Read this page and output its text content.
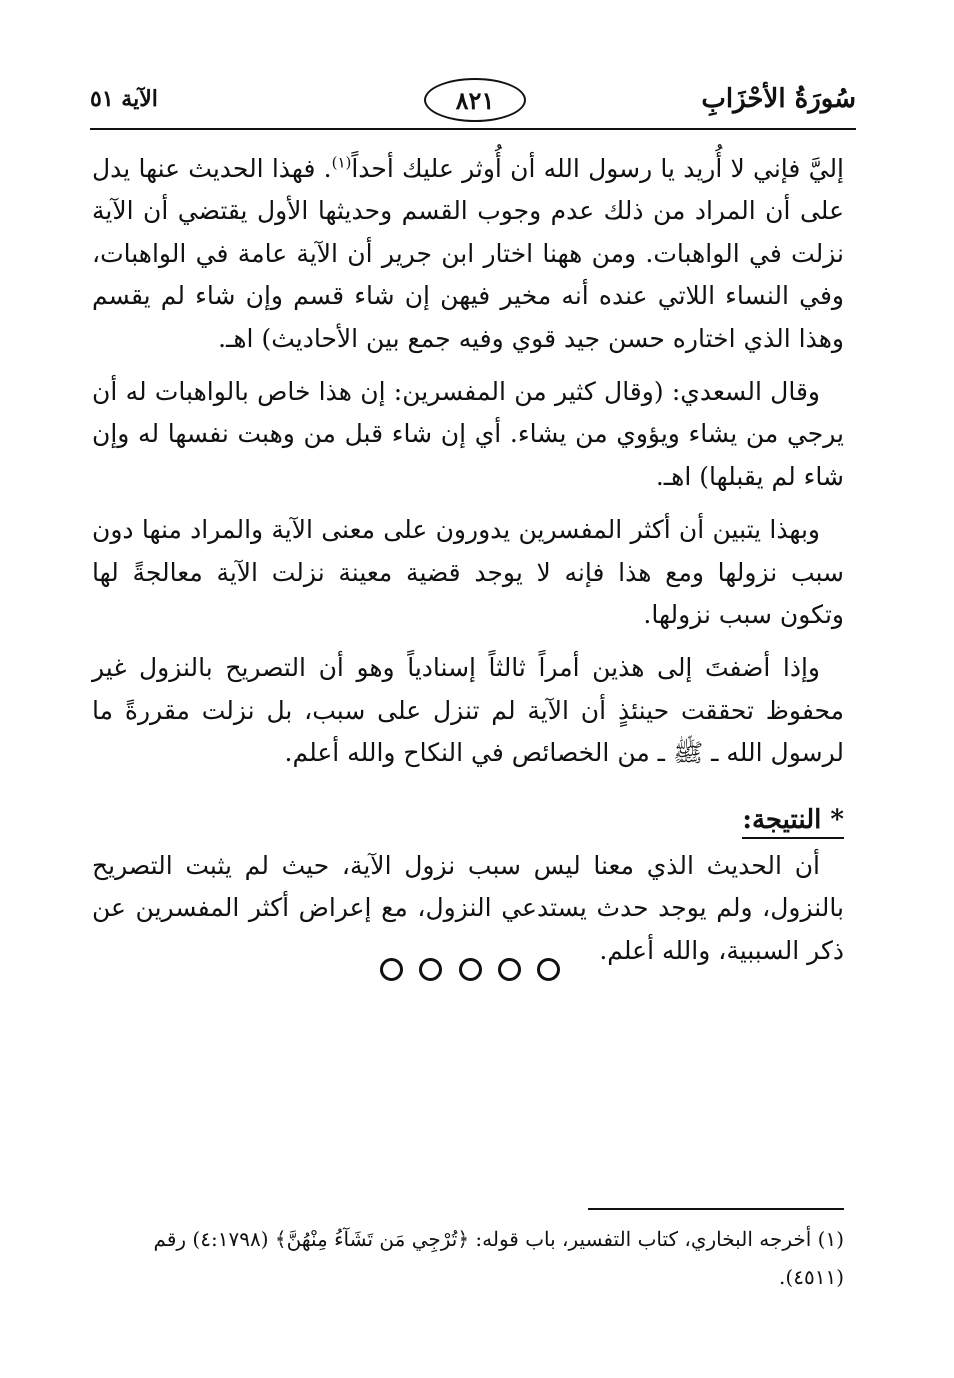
سُورَةُ الأحْزَابِ
٨٢١
الآية ٥١

إليَّ فإني لا أُريد يا رسول الله أن أُوثر عليك أحداً$^{(١)}$. فهذا الحديث عنها يدل على أن المراد من ذلك عدم وجوب القسم وحديثها الأول يقتضي أن الآية نزلت في الواهبات. ومن ههنا اختار ابن جرير أن الآية عامة في الواهبات، وفي النساء اللاتي عنده أنه مخير فيهن إن شاء قسم وإن شاء لم يقسم وهذا الذي اختاره حسن جيد قوي وفيه جمع بين الأحاديث) اهـ.

وقال السعدي: (وقال كثير من المفسرين: إن هذا خاص بالواهبات له أن يرجي من يشاء ويؤوي من يشاء. أي إن شاء قبل من وهبت نفسها له وإن شاء لم يقبلها) اهـ.

وبهذا يتبين أن أكثر المفسرين يدورون على معنى الآية والمراد منها دون سبب نزولها ومع هذا فإنه لا يوجد قضية معينة نزلت الآية معالجةً لها وتكون سبب نزولها.

وإذا أضفتَ إلى هذين أمراً ثالثاً إسنادياً وهو أن التصريح بالنزول غير محفوظ تحققت حينئذٍ أن الآية لم تنزل على سبب، بل نزلت مقررةً ما لرسول الله ـ ﷺ ـ من الخصائص في النكاح والله أعلم.

* النتيجة:

أن الحديث الذي معنا ليس سبب نزول الآية، حيث لم يثبت التصريح بالنزول، ولم يوجد حدث يستدعي النزول، مع إعراض أكثر المفسرين عن ذكر السببية، والله أعلم.

(١) أخرجه البخاري، كتاب التفسير، باب قوله: ﴿تُرْجِي مَن تَشَآءُ مِنْهُنَّ﴾ (٤:١٧٩٨) رقم

(٤٥١١).
